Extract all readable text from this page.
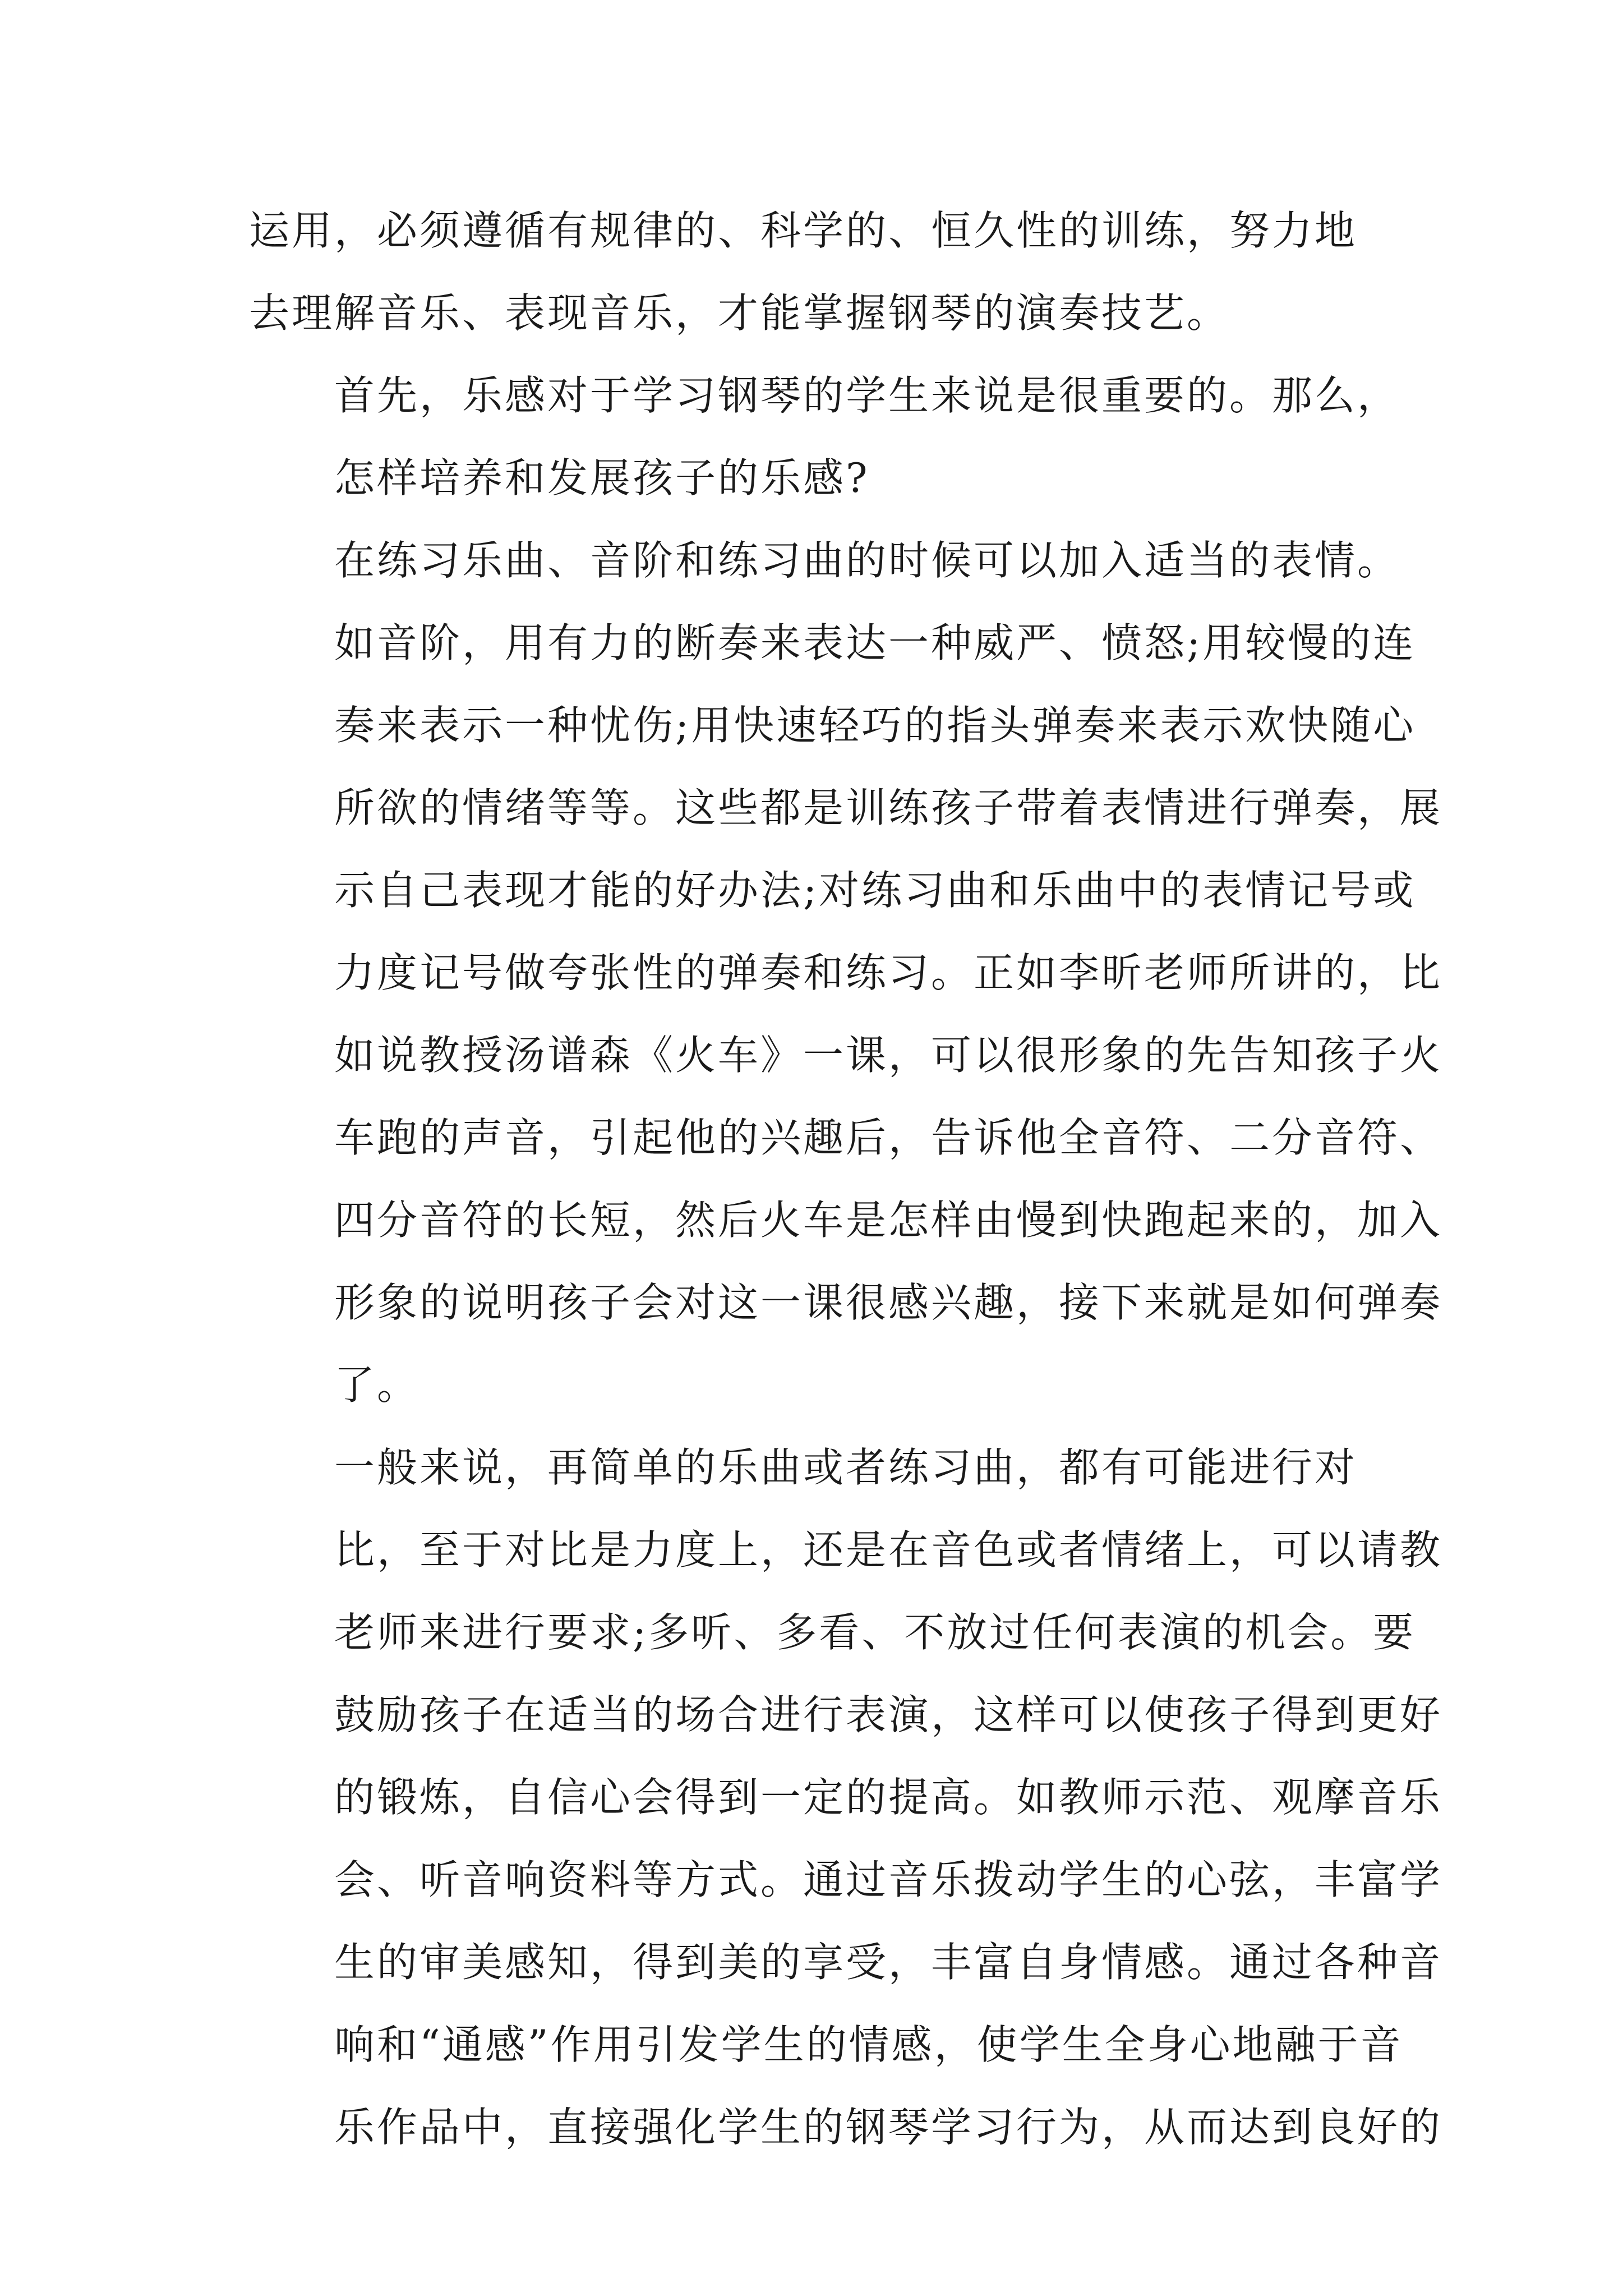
运用，必须遵循有规律的、科学的、恒久性的训练，努力地
去理解音乐、表现音乐，才能掌握钢琴的演奏技艺。
首先，乐感对于学习钢琴的学生来说是很重要的。那么，
怎样培养和发展孩子的乐感?
在练习乐曲、音阶和练习曲的时候可以加入适当的表情。
如音阶，用有力的断奏来表达一种威严、愤怒;用较慢的连
奏来表示一种忧伤;用快速轻巧的指头弹奏来表示欢快随心
所欲的情绪等等。这些都是训练孩子带着表情进行弹奏，展
示自己表现才能的好办法;对练习曲和乐曲中的表情记号或
力度记号做夸张性的弹奏和练习。正如李昕老师所讲的，比
如说教授汤谱森《火车》一课，可以很形象的先告知孩子火
车跑的声音，引起他的兴趣后，告诉他全音符、二分音符、
四分音符的长短，然后火车是怎样由慢到快跑起来的，加入
形象的说明孩子会对这一课很感兴趣，接下来就是如何弹奏
了。
一般来说，再简单的乐曲或者练习曲，都有可能进行对
比，至于对比是力度上，还是在音色或者情绪上，可以请教
老师来进行要求;多听、多看、不放过任何表演的机会。要
鼓励孩子在适当的场合进行表演，这样可以使孩子得到更好
的锻炼，自信心会得到一定的提高。如教师示范、观摩音乐
会、听音响资料等方式。通过音乐拨动学生的心弦，丰富学
生的审美感知，得到美的享受，丰富自身情感。通过各种音
响和“通感”作用引发学生的情感，使学生全身心地融于音
乐作品中，直接强化学生的钢琴学习行为，从而达到良好的
